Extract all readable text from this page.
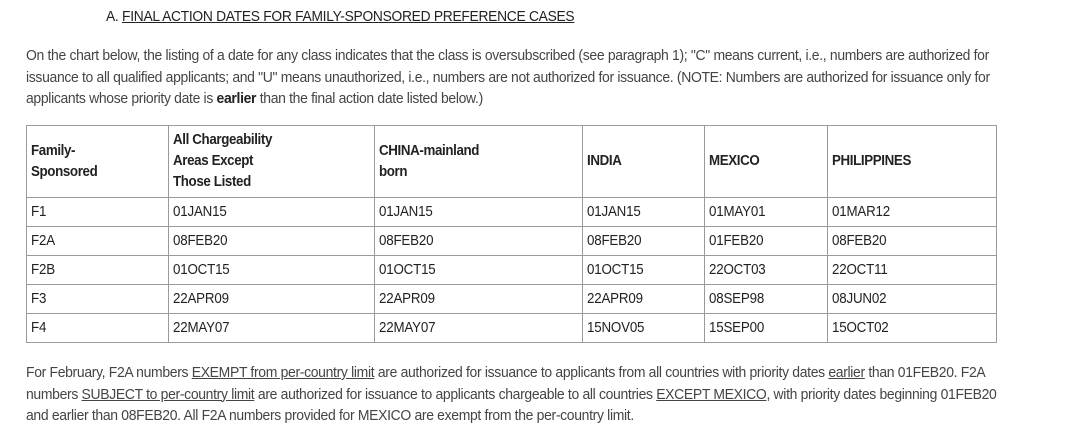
A. FINAL ACTION DATES FOR FAMILY-SPONSORED PREFERENCE CASES

On the chart below, the listing of a date for any class indicates that the class is oversubscribed (see paragraph 1); "C" means current, i.e., numbers are authorized for issuance to all qualified applicants; and "U" means unauthorized, i.e., numbers are not authorized for issuance. (NOTE: Numbers are authorized for issuance only for applicants whose priority date is earlier than the final action date listed below.)

Family-Sponsored	All Chargeability Areas Except Those Listed	CHINA-mainland born	INDIA	MEXICO	PHILIPPINES
F1	01JAN15	01JAN15	01JAN15	01MAY01	01MAR12
F2A	08FEB20	08FEB20	08FEB20	01FEB20	08FEB20
F2B	01OCT15	01OCT15	01OCT15	22OCT03	22OCT11
F3	22APR09	22APR09	22APR09	08SEP98	08JUN02
F4	22MAY07	22MAY07	15NOV05	15SEP00	15OCT02

For February, F2A numbers EXEMPT from per-country limit are authorized for issuance to applicants from all countries with priority dates earlier than 01FEB20. F2A numbers SUBJECT to per-country limit are authorized for issuance to applicants chargeable to all countries EXCEPT MEXICO, with priority dates beginning 01FEB20 and earlier than 08FEB20. All F2A numbers provided for MEXICO are exempt from the per-country limit.
